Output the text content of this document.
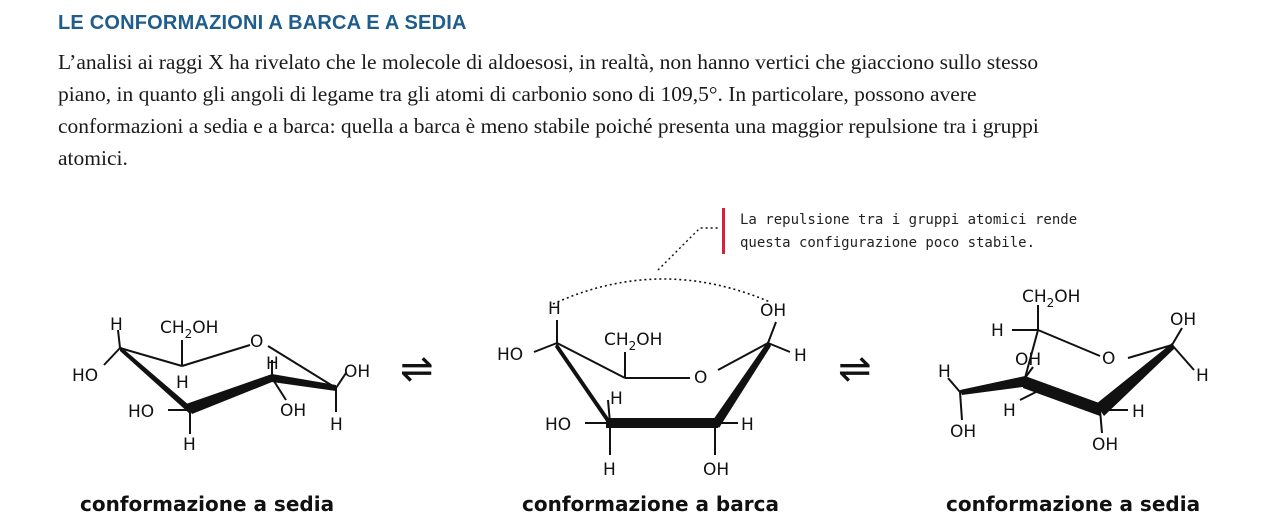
LE CONFORMAZIONI A BARCA E A SEDIA
L’analisi ai raggi X ha rivelato che le molecole di aldoesosi, in realtà, non hanno vertici che giacciono sullo stesso piano, in quanto gli angoli di legame tra gli atomi di carbonio sono di 109,5°. In particolare, possono avere conformazioni a sedia e a barca: quella a barca è meno stabile poiché presenta una maggior repulsione tra i gruppi atomici.
La repulsione tra i gruppi atomici rende
questa configurazione poco stabile.
H $CH_2OH$
O
HO	H
H	OH
HO	OH
H
H
⇌
H	OH
HO
$CH_2OH$
O
H
H
HO	H
H	OH
⇌
$CH_2OH$
H
OH
OH	O
H	H
H	H
OH
OH
conformazione a sedia	conformazione a barca	conformazione a sedia
